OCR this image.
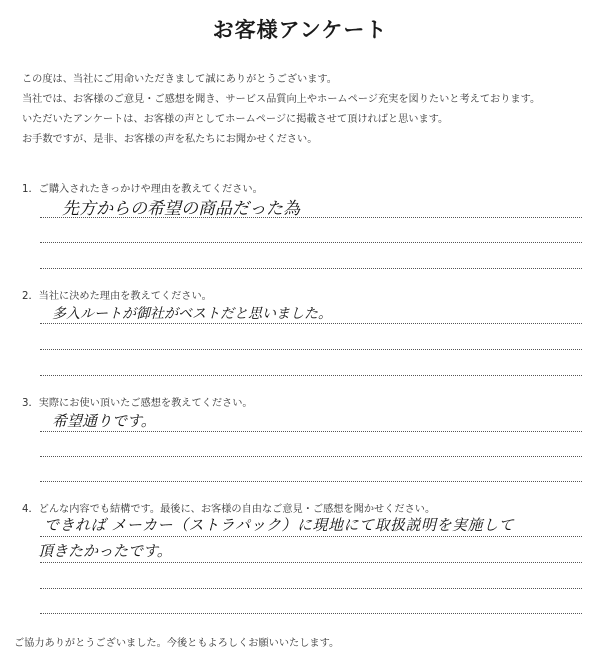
お客様アンケート
この度は、当社にご用命いただきまして誠にありがとうございます。
当社では、お客様のご意見・ご感想を聞き、サービス品質向上やホームページ充実を図りたいと考えております。
いただいたアンケートは、お客様の声としてホームページに掲載させて頂ければと思います。
お手数ですが、是非、お客様の声を私たちにお聞かせください。
1．ご購入されたきっかけや理由を教えてください。
先方からの希望の商品だった為
2．当社に決めた理由を教えてください。
多入ルートが御社がベストだと思いました。
3．実際にお使い頂いたご感想を教えてください。
希望通りです。
4．どんな内容でも結構です。最後に、お客様の自由なご意見・ご感想を聞かせください。
できれば メーカー（ストラパック）に現地にて取扱説明を実施して
頂きたかったです。
ご協力ありがとうございました。今後ともよろしくお願いいたします。
